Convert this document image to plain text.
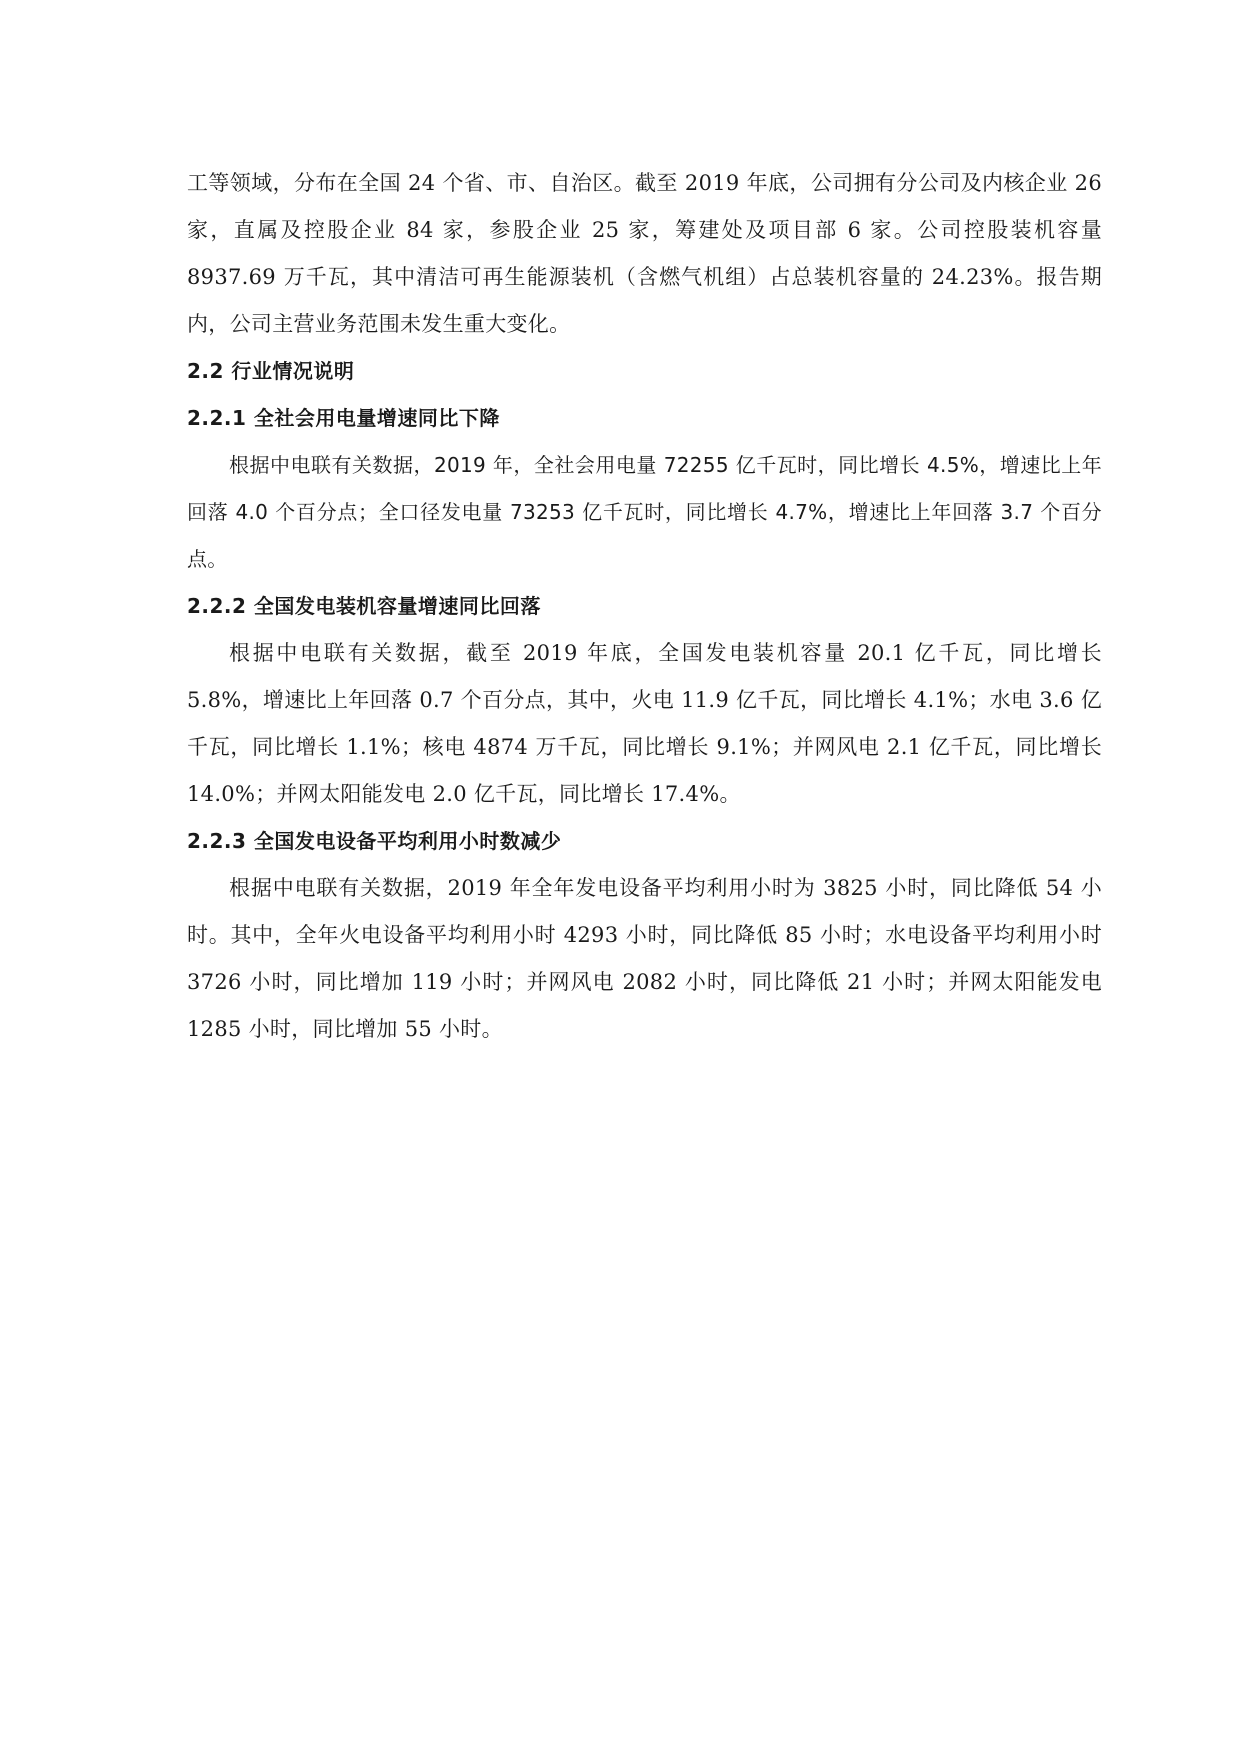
工等领域，分布在全国 24 个省、市、自治区。截至 2019 年底，公司拥有分公司及内核企业 26 家，直属及控股企业 84 家，参股企业 25 家，筹建处及项目部 6 家。公司控股装机容量 8937.69 万千瓦，其中清洁可再生能源装机（含燃气机组）占总装机容量的 24.23%。报告期内，公司主营业务范围未发生重大变化。

2.2 行业情况说明
2.2.1 全社会用电量增速同比下降

根据中电联有关数据，2019 年，全社会用电量 72255 亿千瓦时，同比增长 4.5%，增速比上年回落 4.0 个百分点；全口径发电量 73253 亿千瓦时，同比增长 4.7%，增速比上年回落 3.7 个百分点。

2.2.2 全国发电装机容量增速同比回落

根据中电联有关数据，截至 2019 年底，全国发电装机容量 20.1 亿千瓦，同比增长 5.8%，增速比上年回落 0.7 个百分点，其中，火电 11.9 亿千瓦，同比增长 4.1%；水电 3.6 亿千瓦，同比增长 1.1%；核电 4874 万千瓦，同比增长 9.1%；并网风电 2.1 亿千瓦，同比增长 14.0%；并网太阳能发电 2.0 亿千瓦，同比增长 17.4%。

2.2.3 全国发电设备平均利用小时数减少

根据中电联有关数据，2019 年全年发电设备平均利用小时为 3825 小时，同比降低 54 小时。其中，全年火电设备平均利用小时 4293 小时，同比降低 85 小时；水电设备平均利用小时 3726 小时，同比增加 119 小时；并网风电 2082 小时，同比降低 21 小时；并网太阳能发电 1285 小时，同比增加 55 小时。
